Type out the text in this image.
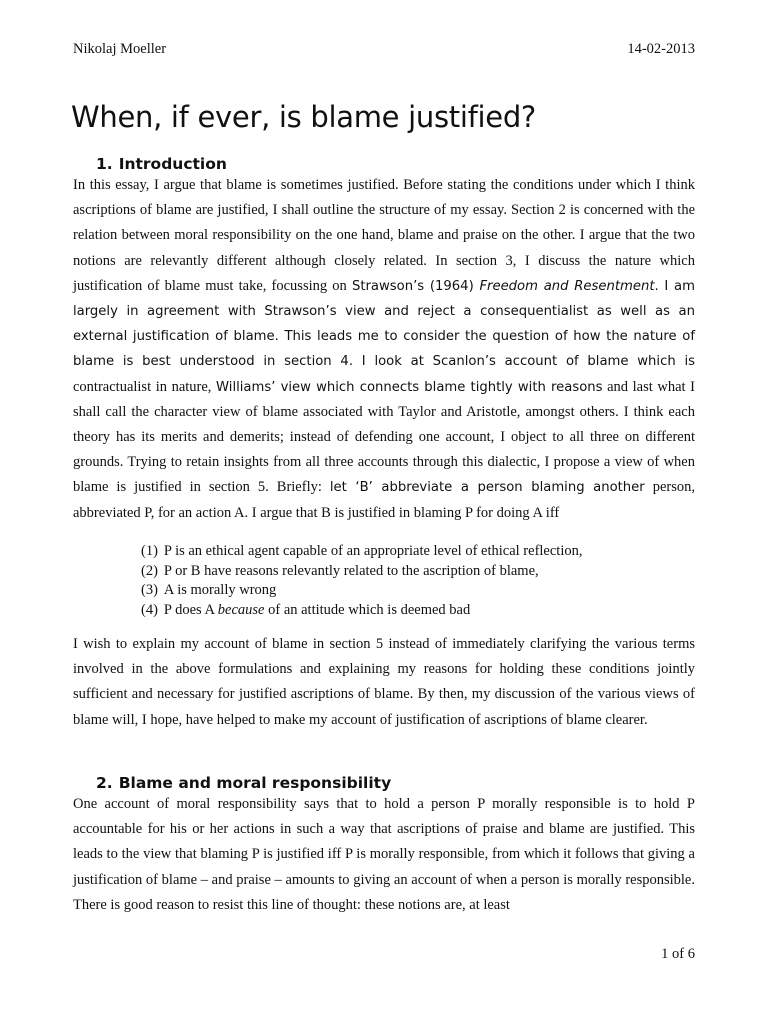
Nikolaj Moeller	14-02-2013
When, if ever, is blame justified?
1. Introduction

In this essay, I argue that blame is sometimes justified. Before stating the conditions under which I think ascriptions of blame are justified, I shall outline the structure of my essay. Section 2 is concerned with the relation between moral responsibility on the one hand, blame and praise on the other. I argue that the two notions are relevantly different although closely related. In section 3, I discuss the nature which justification of blame must take, focussing on Strawson’s (1964) Freedom and Resentment. I am largely in agreement with Strawson’s view and reject a consequentialist as well as an external justification of blame. This leads me to consider the question of how the nature of blame is best understood in section 4. I look at Scanlon’s account of blame which is contractualist in nature, Williams’ view which connects blame tightly with reasons and last what I shall call the character view of blame associated with Taylor and Aristotle, amongst others. I think each theory has its merits and demerits; instead of defending one account, I object to all three on different grounds. Trying to retain insights from all three accounts through this dialectic, I propose a view of when blame is justified in section 5. Briefly: let ‘B’ abbreviate a person blaming another person, abbreviated P, for an action A. I argue that B is justified in blaming P for doing A iff

(1) P is an ethical agent capable of an appropriate level of ethical reflection,
(2) P or B have reasons relevantly related to the ascription of blame,
(3) A is morally wrong
(4) P does A because of an attitude which is deemed bad

I wish to explain my account of blame in section 5 instead of immediately clarifying the various terms involved in the above formulations and explaining my reasons for holding these conditions jointly sufficient and necessary for justified ascriptions of blame. By then, my discussion of the various views of blame will, I hope, have helped to make my account of justification of ascriptions of blame clearer.

2. Blame and moral responsibility

One account of moral responsibility says that to hold a person P morally responsible is to hold P accountable for his or her actions in such a way that ascriptions of praise and blame are justified. This leads to the view that blaming P is justified iff P is morally responsible, from which it follows that giving a justification of blame – and praise – amounts to giving an account of when a person is morally responsible. There is good reason to resist this line of thought: these notions are, at least

1 of 6
